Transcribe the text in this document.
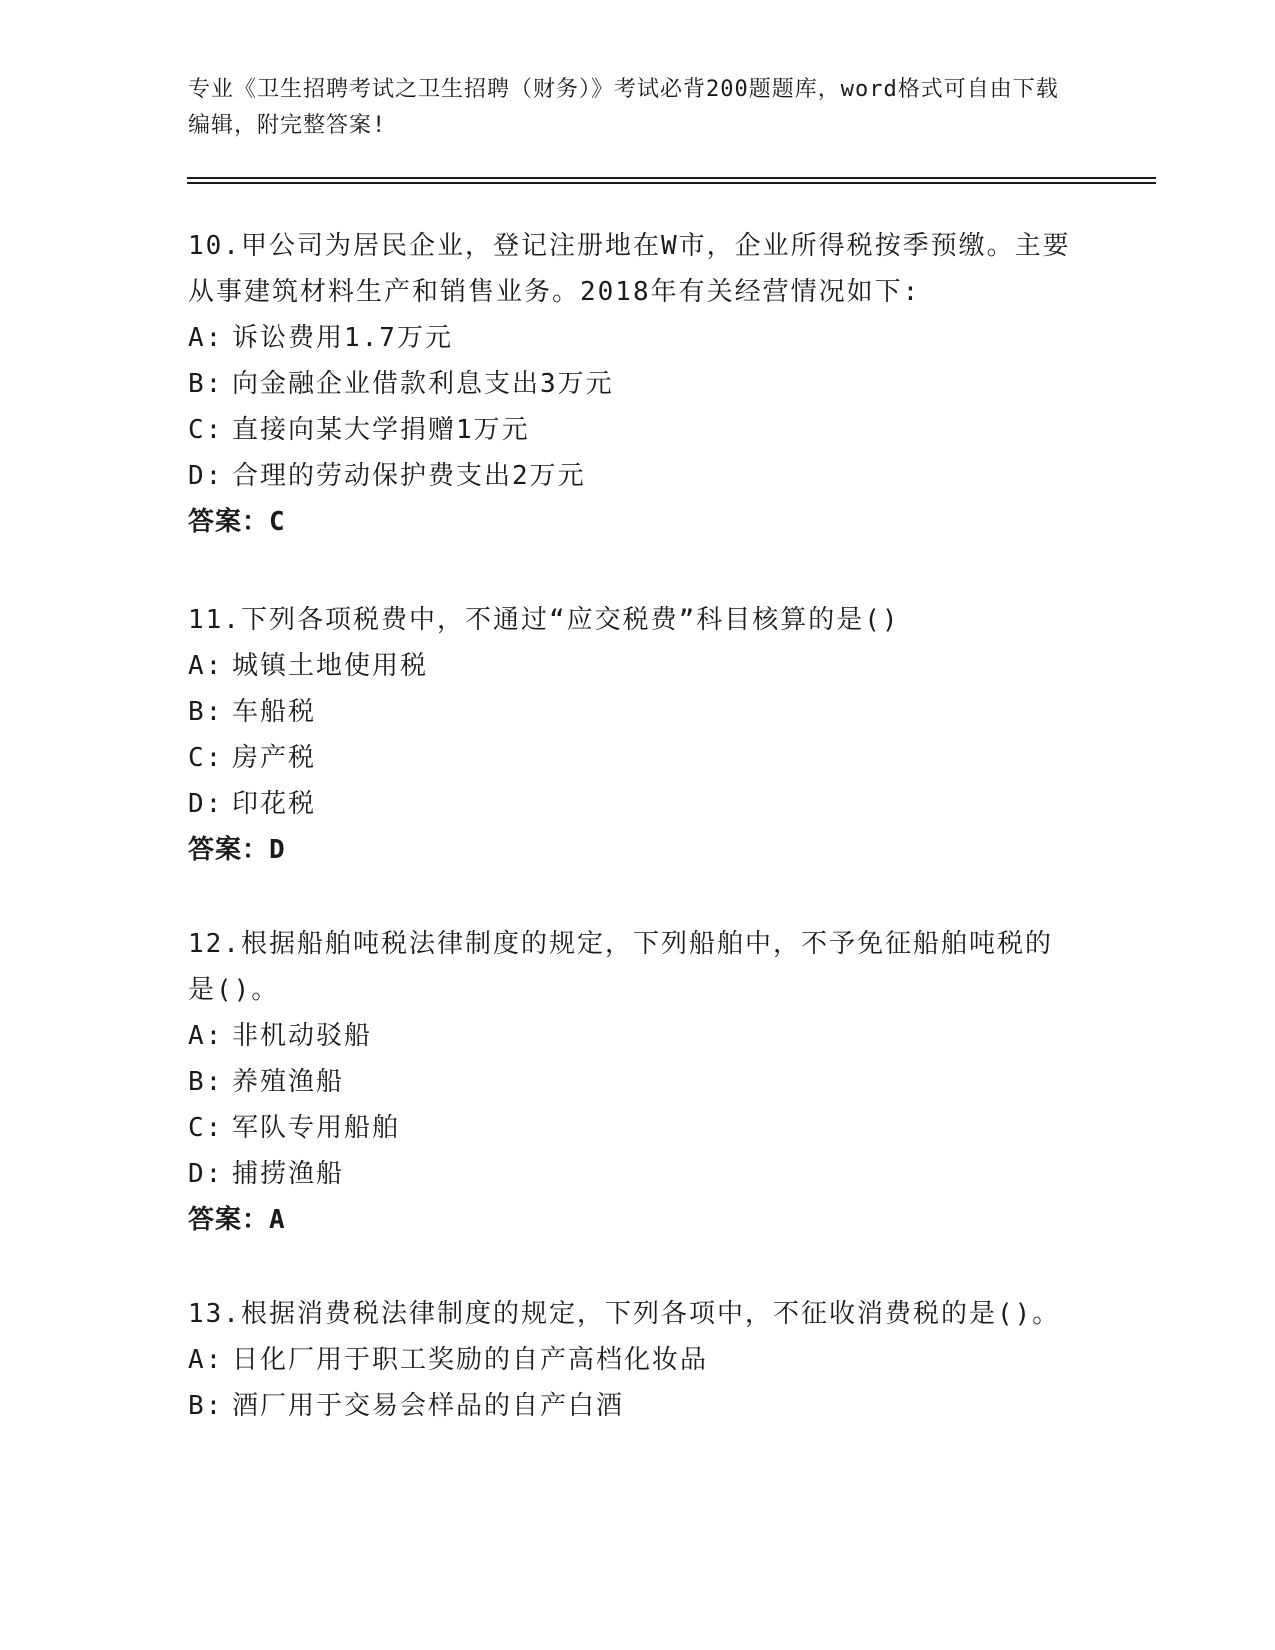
专业《卫生招聘考试之卫生招聘（财务）》考试必背200题题库，word格式可自由下载编辑，附完整答案!
10.甲公司为居民企业，登记注册地在W市，企业所得税按季预缴。主要从事建筑材料生产和销售业务。2018年有关经营情况如下:
A: 诉讼费用1.7万元
B: 向金融企业借款利息支出3万元
C: 直接向某大学捐赠1万元
D: 合理的劳动保护费支出2万元
答案：C
11.下列各项税费中，不通过“应交税费”科目核算的是()
A: 城镇土地使用税
B: 车船税
C: 房产税
D: 印花税
答案：D
12.根据船舶吨税法律制度的规定，下列船舶中，不予免征船舶吨税的是()。
A: 非机动驳船
B: 养殖渔船
C: 军队专用船舶
D: 捕捞渔船
答案：A
13.根据消费税法律制度的规定，下列各项中，不征收消费税的是()。
A: 日化厂用于职工奖励的自产高档化妆品
B: 酒厂用于交易会样品的自产白酒
